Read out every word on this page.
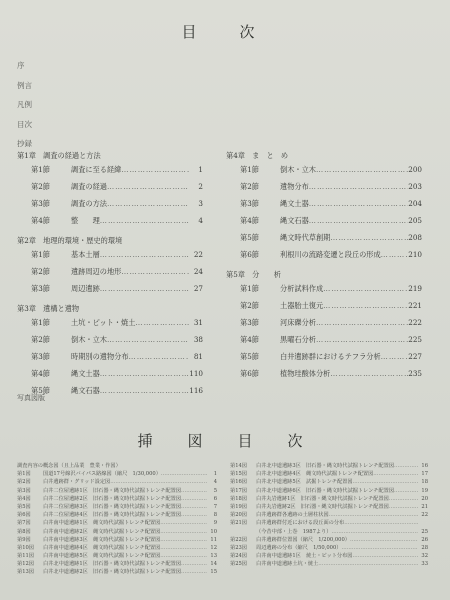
目　次
序
例言
凡例
目次
抄録
第1章　調査の経過と方法
第1節	調査に至る経緯 …………………………………………………………………………………………………………	1
第2節	調査の経過 …………………………………………………………………………………………………………	2
第3節	調査の方法 …………………………………………………………………………………………………………	3
第4節	整　　理 …………………………………………………………………………………………………………	4
第2章　地理的環境・歴史的環境
第1節	基本土層 …………………………………………………………………………………………………………	22
第2節	遺跡周辺の地形 …………………………………………………………………………………………………………	24
第3節	周辺遺跡 …………………………………………………………………………………………………………	27
第3章　遺構と遺物
第1節	土坑・ピット・焼土 …………………………………………………………………………………………………………	31
第2節	倒木・立木 …………………………………………………………………………………………………………	38
第3節	時期別の遺物分布 …………………………………………………………………………………………………………	81
第4節	縄文土器 …………………………………………………………………………………………………………	110
第5節	縄文石器 …………………………………………………………………………………………………………	116
第4章　ま　と　め
第1節	倒木・立木 …………………………………………………………………………………………………………	200
第2節	遺物分布 …………………………………………………………………………………………………………	203
第3節	縄文土器 …………………………………………………………………………………………………………	204
第4節	縄文石器 …………………………………………………………………………………………………………	205
第5節	縄文時代草創期 …………………………………………………………………………………………………………	208
第6節	利根川の流路変遷と段丘の形成 …………………………………………………………………………………………………………	210
第5章　分　　析
第1節	分析試料作成 …………………………………………………………………………………………………………	219
第2節	土器胎土復元 …………………………………………………………………………………………………………	221
第3節	河床礫分析 …………………………………………………………………………………………………………	222
第4節	黒曜石分析 …………………………………………………………………………………………………………	225
第5節	白井遺跡群におけるテフラ分析 …………………………………………………………………………………………………………	227
第6節	植物珪酸体分析 …………………………………………………………………………………………………………	235
写真図版
挿　図　目　次
調査内容の概念図（且上品業　豊業・作図）
第1図	国道17号線沢バイパス路線図（縮尺　1/30,000） ………………………………………………………………………………………………	1
第2図	白井遺跡群・グリッド設定図 ………………………………………………………………………………………………	4
第3図	白井二位屋遺跡1区　旧石器・縄文時代試掘トレンチ配置図 ………………………………………………………………………………………………	5
第4図	白井二位屋遺跡2区　旧石器・縄文時代試掘トレンチ配置図 ………………………………………………………………………………………………	6
第5図	白井二位屋遺跡3区　旧石器・縄文時代試掘トレンチ配置図 ………………………………………………………………………………………………	7
第6図	白井二位屋遺跡4区　旧石器・縄文時代試掘トレンチ配置図 ………………………………………………………………………………………………	8
第7図	白井南中道遺跡1区　縄文時代試掘トレンチ配置図 ………………………………………………………………………………………………	9
第8図	白井南中道遺跡2区　縄文時代試掘トレンチ配置図 ………………………………………………………………………………………………	10
第9図	白井南中道遺跡3区　縄文時代試掘トレンチ配置図 ………………………………………………………………………………………………	11
第10図	白井南中道遺跡4区　縄文時代試掘トレンチ配置図 ………………………………………………………………………………………………	12
第11図	白井南中道遺跡5区　縄文時代試掘トレンチ配置図 ………………………………………………………………………………………………	13
第12図	白井北中道遺跡1区　旧石器・縄文時代試掘トレンチ配置図 ………………………………………………………………………………………………	14
第13図	白井北中道遺跡2区　旧石器・縄文時代試掘トレンチ配置図 ………………………………………………………………………………………………	15
第14図	白井北中道遺跡3区　旧石器・縄文時代試掘トレンチ配置図 ………………………………………………………………………………………………	16
第15図	白井北中道遺跡4区　縄文時代試掘トレンチ配置図 ………………………………………………………………………………………………	17
第16図	白井北中道遺跡5区　試掘トレンチ配置図 ………………………………………………………………………………………………	18
第17図	白井北中道遺跡6区　旧石器・縄文時代試掘トレンチ配置図 ………………………………………………………………………………………………	19
第18図	白井丸岩遺跡1区　旧石器・縄文時代試掘トレンチ配置図 ………………………………………………………………………………………………	20
第19図	白井丸岩遺跡2区　旧石器・縄文時代試掘トレンチ配置図 ………………………………………………………………………………………………	21
第20図	白井遺跡群各遺跡の土層柱状図 ………………………………………………………………………………………………	22
第21図	白井遺跡群付近における段丘面の分布
………………………………………………………………………………………………
（今昔中部・上巻　1987より） ………………………………………………………………………………………………	25
第22図	白井遺跡群位置図（縮尺　1/200,000） ………………………………………………………………………………………………	26
第23図	周辺遺跡の分布（縮尺　1/50,000） ………………………………………………………………………………………………	28
第24図	白井南中道遺跡1区　焼土・ピット分布図 ………………………………………………………………………………………………	32
第25図	白井南中道遺跡土坑・焼土 ………………………………………………………………………………………………	33
